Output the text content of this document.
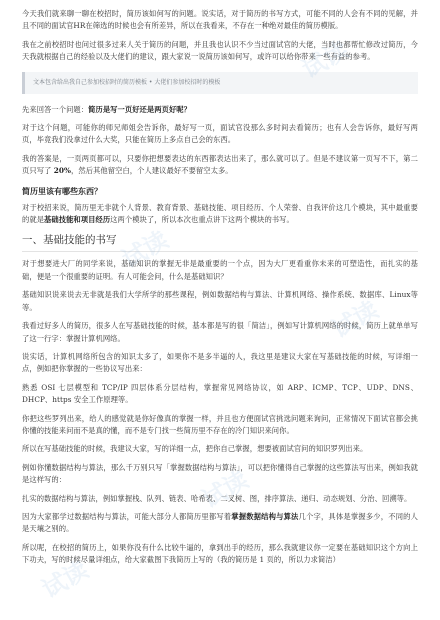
今天我们就来聊一聊在校招时，简历该如何写的问题。说实话，对于简历的书写方式，可能不同的人会有不同的见解，并且不同的面试官HR在筛选的时候也会有所差异，所以在我看来，不存在一种绝对最佳的简历模版。

我在之前校招时也问过很多过来人关于简历的问题，并且我也认识不少当过面试官的大佬，当时也都帮忙修改过简历，今天我就根据自己的经验以及大佬们的建议，跟大家说一说简历该如何写，或许可以给你带来一些有益的参考。

文本包含给出我自己参加校招时的简历模板 • 大佬们参加校招时的模板

先来回答一个问题：简历是写一页好还是两页好呢？

对于这个问题，可能你的师兄师姐会告诉你，最好写一页，面试官没那么多时间去看简历；也有人会告诉你，最好写两页，毕竟我们没拿过什么大奖，只能在简历上多点自己会的东西。

我的答案是，一页两页都可以，只要你把想要表达的东西都表达出来了，那么就可以了。但是不建议第一页写不下，第二页只写了 20%，然后其他留空白，个人建议最好不要留空太多。

简历里该有哪些东西？

对于校招来说，简历里无非就个人背景、教育背景、基础技能、项目经历、个人荣誉、自我评价这几个模块，其中最重要的就是基础技能和项目经历这两个模块了，所以本次也重点讲下这两个模块的书写。

一、基础技能的书写

对于想要进大厂的同学来说，基础知识的掌握无非是最重要的一个点，因为大厂更看重你未来的可塑造性，而扎实的基础，便是一个很重要的证明。有人可能会问，什么是基础知识？

基础知识说来说去无非就是我们大学所学的那些课程，例如数据结构与算法、计算机网络、操作系统、数据库、Linux等等。

我看过好多人的简历，很多人在写基础技能的时候，基本都是写的很「简洁」，例如写计算机网络的时候，简历上就单单写了这一行字：掌握计算机网络。

说实话，计算机网络所包含的知识太多了，如果你不是多半逼的人，我这里是建议大家在写基础技能的时候，写详细一点，例如把你掌握的一些协议写出来：

熟悉 OSI 七层模型和 TCP/IP 四层体系分层结构，掌握常见网络协议，如 ARP、ICMP、TCP、UDP、DNS、DHCP、https 安全工作原理等。

你把这些罗列出来，给人的感觉就是你好像真的掌握一样，并且也方便面试官挑选问题来询问，正常情况下面试官都会挑你懂的技能来问而不是真的懂，而不是专门找一些简历里不存在的冷门知识来问你。

所以在写基础技能的时候，我建议大家，写的详细一点，把你自己掌握，想要被面试官问的知识罗列出来。

例如你懂数据结构与算法，那么千万别只写「掌握数据结构与算法」，可以把你懂得自己掌握的这些算法写出来，例如我就是这样写的：

扎实的数据结构与算法，例如掌握栈、队列、链表、哈希表、二叉树、图，排序算法、递归、动态规划、分治、回溯等。

因为大家都学过数据结构与算法，可能大部分人都简历里都写着掌握数据结构与算法几个字，具体是掌握多少，不同的人是天壤之别的。

所以呢，在校招的简历上，如果你没有什么比较牛逼的，拿到出手的经历，那么我就建议你一定要在基础知识这个方向上下功夫，写的时候尽量详细点，给大家截图下我简历上写的（我的简历是 1 页的，所以力求简洁）

试读
试读
试读
试读
试读
